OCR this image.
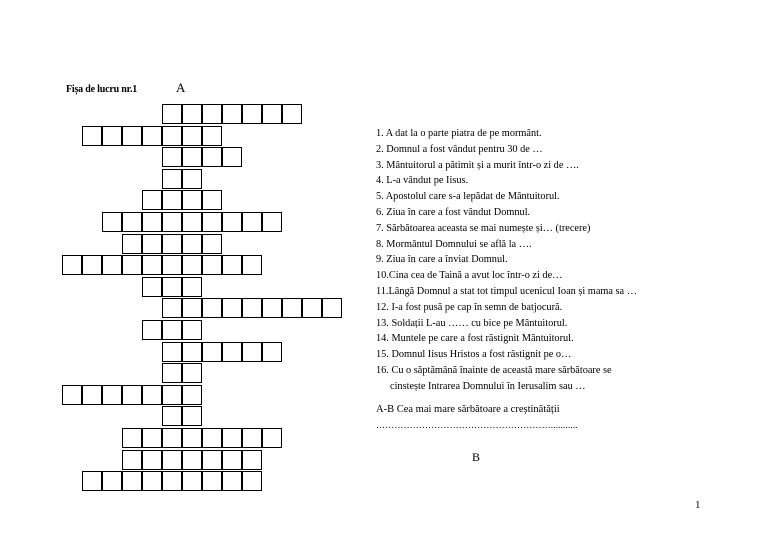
Fișa de lucru nr.1	A
1. A dat la o parte piatra de pe mormânt.
2. Domnul a fost vândut pentru 30 de …
3. Mântuitorul a pătimit și a murit într-o zi de ….
4. L-a vândut pe Iisus.
5. Apostolul care s-a lepădat de Mântuitorul.
6. Ziua în care a fost vândut Domnul.
7. Sărbătoarea aceasta se mai numește și… (trecere)
8. Mormântul Domnului se află la ….
9. Ziua în care a înviat Domnul.
10.Cina cea de Taină a avut loc într-o zi de…
11.Lângă Domnul a stat tot timpul ucenicul Ioan și mama sa …
12. I-a fost pusă pe cap în semn de batjocură.
13. Soldații L-au …… cu bice pe Mântuitorul.
14. Muntele pe care a fost răstignit Mântuitorul.
15. Domnul Iisus Hristos a fost răstignit pe o…
16. Cu o săptămână înainte de această mare sărbătoare se
cinstește Intrarea Domnului în Ierusalim sau …
A-B Cea mai mare sărbătoare a creștinătății
…………………………………………………...........
B
1
